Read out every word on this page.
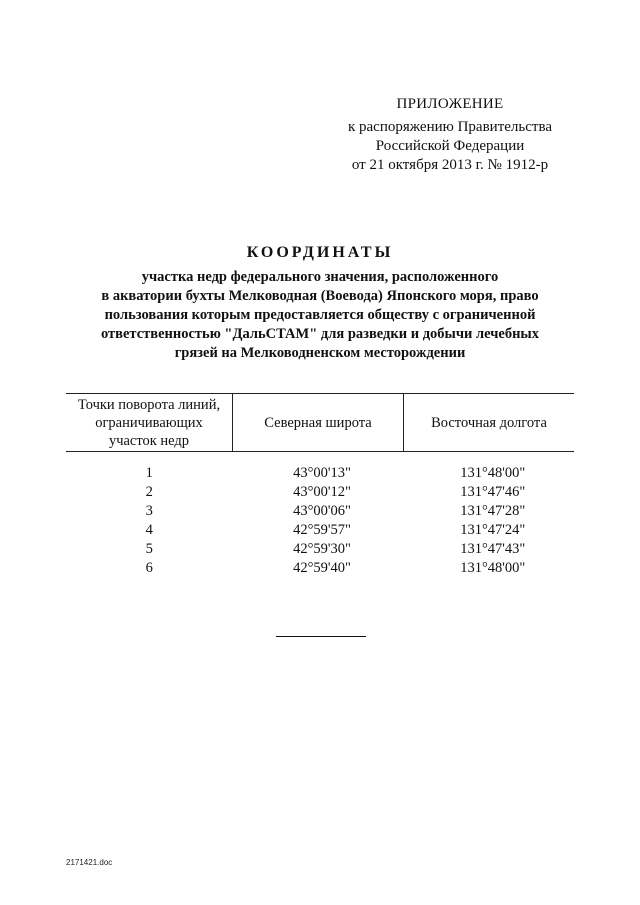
ПРИЛОЖЕНИЕ
к распоряжению Правительства
Российской Федерации
от 21 октября 2013 г. № 1912-р
КООРДИНАТЫ
участка недр федерального значения, расположенного
в акватории бухты Мелководная (Воевода) Японского моря, право
пользования которым предоставляется обществу с ограниченной
ответственностью "ДальСТАМ" для разведки и добычи лечебных
грязей на Мелководненском месторождении
Точки поворота линий,
ограничивающих
участок недр	Северная широта	Восточная долгота
1	43°00'13"	131°48'00"
2	43°00'12"	131°47'46"
3	43°00'06"	131°47'28"
4	42°59'57"	131°47'24"
5	42°59'30"	131°47'43"
6	42°59'40"	131°48'00"
2171421.doc
